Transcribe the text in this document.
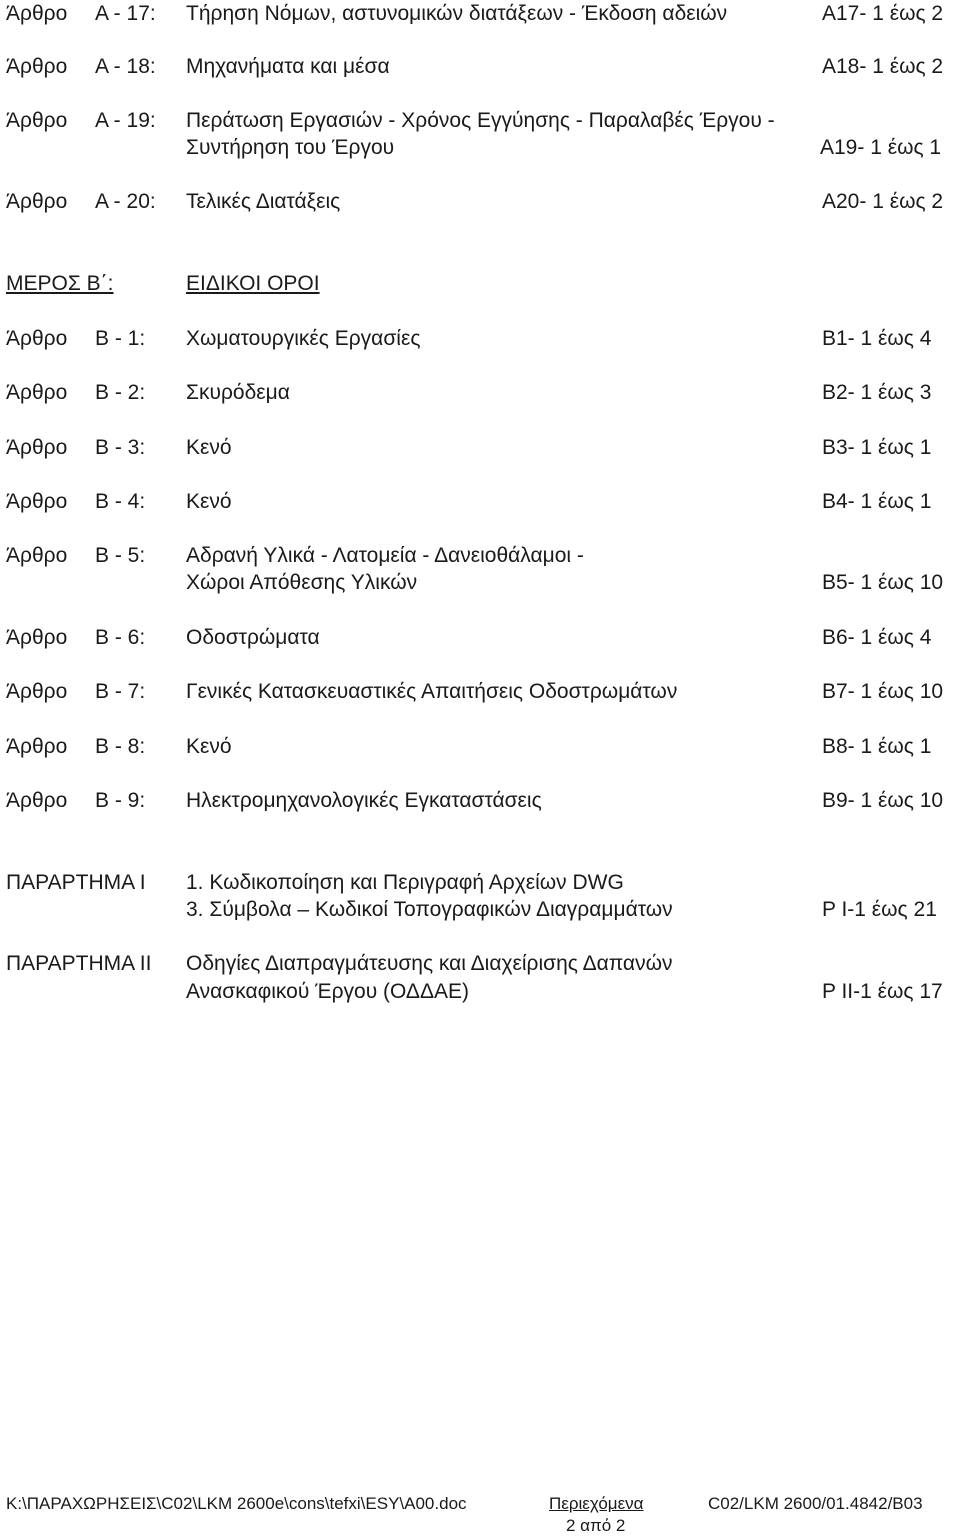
Άρθρο Α - 17: Τήρηση Νόμων, αστυνομικών διατάξεων - Έκδοση αδειών	Α17- 1 έως 2
Άρθρο Α - 18: Μηχανήματα και μέσα	Α18- 1 έως 2
Άρθρο Α - 19: Περάτωση Εργασιών - Χρόνος Εγγύησης - Παραλαβές Έργου -
Συντήρηση του Έργου	Α19- 1 έως 1
Άρθρο Α - 20: Τελικές Διατάξεις	Α20- 1 έως 2
ΜΕΡΟΣ Β΄:	ΕΙΔΙΚΟΙ ΟΡΟΙ
Άρθρο Β - 1: Χωματουργικές Εργασίες	Β1- 1 έως 4
Άρθρο Β - 2: Σκυρόδεμα	Β2- 1 έως 3
Άρθρο Β - 3: Κενό	Β3- 1 έως 1
Άρθρο Β - 4: Κενό	Β4- 1 έως 1
Άρθρο Β - 5: Αδρανή Υλικά - Λατομεία - Δανειοθάλαμοι -
Χώροι Απόθεσης Υλικών	Β5- 1 έως 10
Άρθρο Β - 6: Οδοστρώματα	Β6- 1 έως 4
Άρθρο Β - 7: Γενικές Κατασκευαστικές Απαιτήσεις Οδοστρωμάτων	Β7- 1 έως 10
Άρθρο Β - 8: Κενό	Β8- 1 έως 1
Άρθρο Β - 9: Ηλεκτρομηχανολογικές Εγκαταστάσεις	Β9- 1 έως 10
ΠΑΡΑΡΤΗΜΑ Ι 1. Κωδικοποίηση και Περιγραφή Αρχείων DWG
3. Σύμβολα – Κωδικοί Τοπογραφικών Διαγραμμάτων	Ρ Ι-1 έως 21
ΠΑΡΑΡΤΗΜΑ ΙΙ Οδηγίες Διαπραγμάτευσης και Διαχείρισης Δαπανών
Ανασκαφικού Έργου (ΟΔΔΑΕ)	Ρ ΙΙ-1 έως 17
K:\ΠΑΡΑΧΩΡΗΣΕΙΣ\C02\LKM 2600e\cons\tefxi\ESY\A00.doc	Περιεχόμενα	C02/LKM 2600/01.4842/B03
2 από 2
